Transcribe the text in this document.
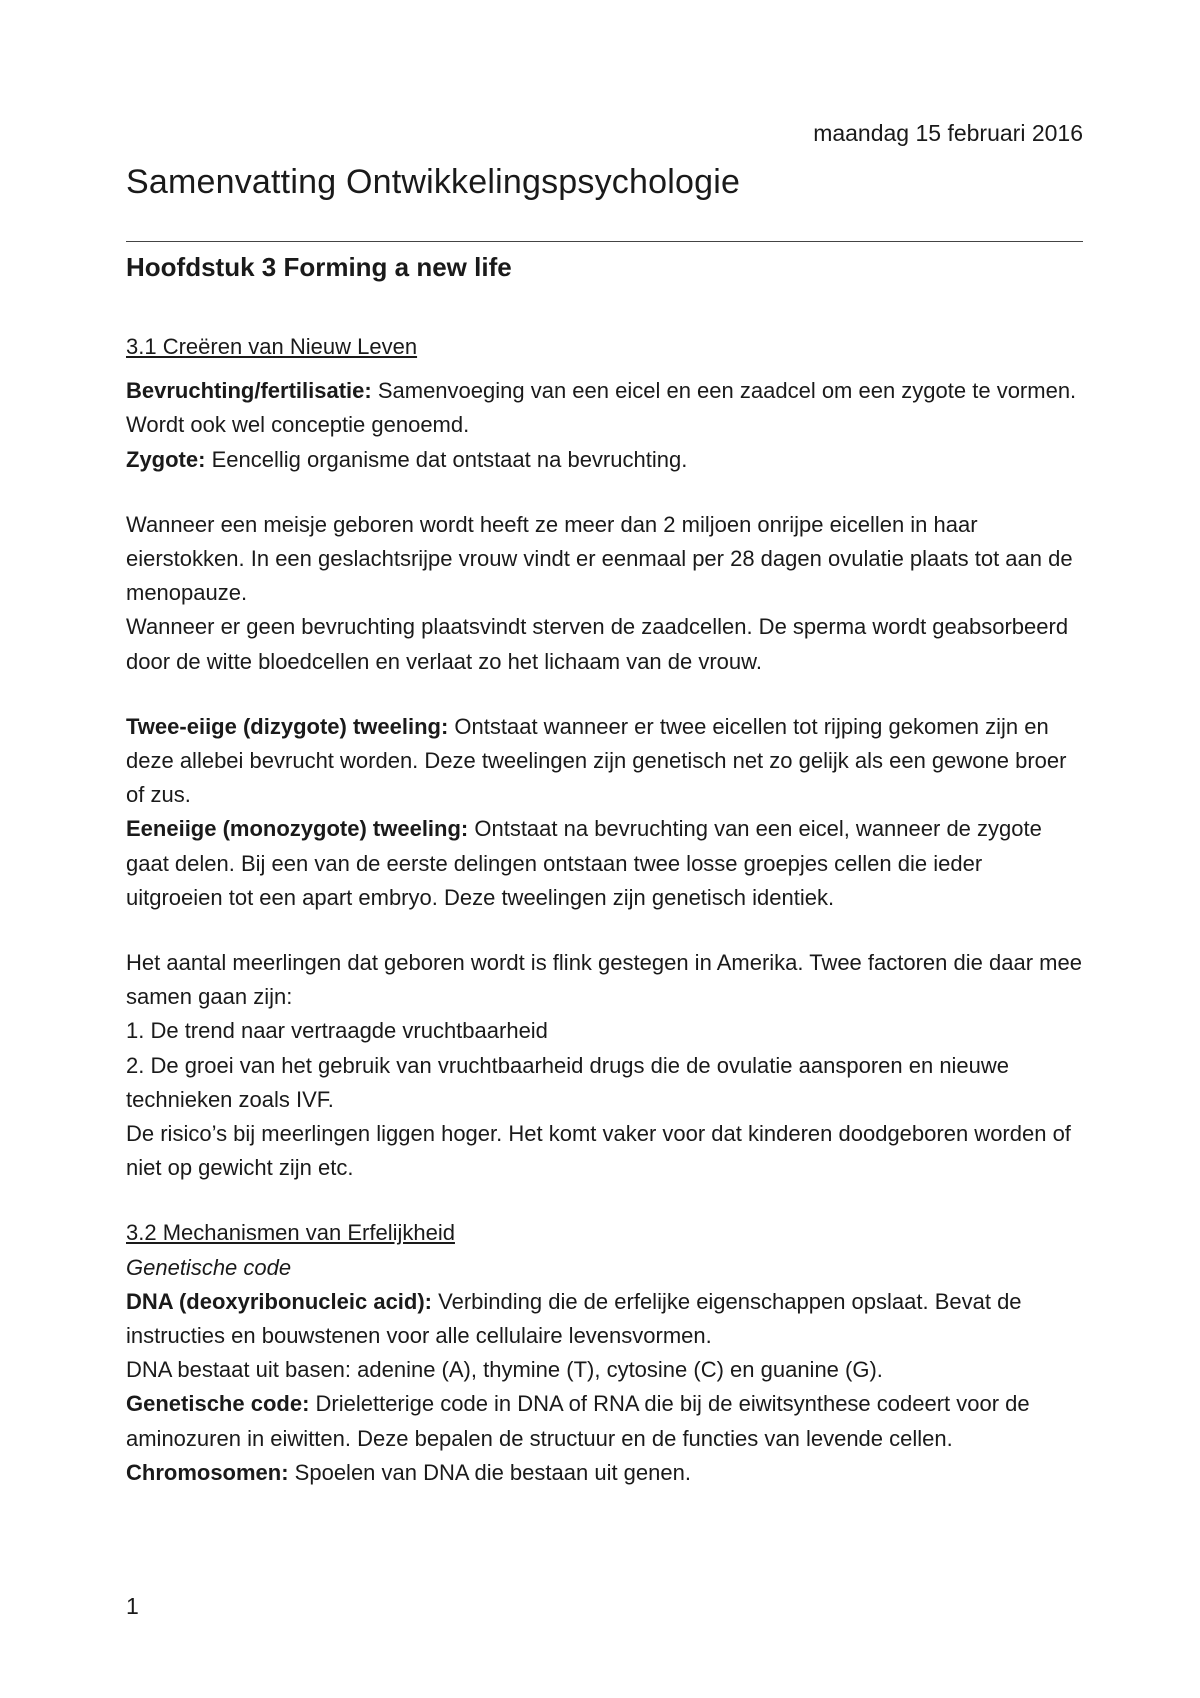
maandag 15 februari 2016
Samenvatting Ontwikkelingspsychologie
Hoofdstuk 3 Forming a new life

3.1 Creëren van Nieuw Leven

Bevruchting/fertilisatie: Samenvoeging van een eicel en een zaadcel om een zygote te vormen. Wordt ook wel conceptie genoemd.

Zygote: Eencellig organisme dat ontstaat na bevruchting.

Wanneer een meisje geboren wordt heeft ze meer dan 2 miljoen onrijpe eicellen in haar eierstokken. In een geslachtsrijpe vrouw vindt er eenmaal per 28 dagen ovulatie plaats tot aan de menopauze.

Wanneer er geen bevruchting plaatsvindt sterven de zaadcellen. De sperma wordt geabsorbeerd door de witte bloedcellen en verlaat zo het lichaam van de vrouw.

Twee-eiige (dizygote) tweeling: Ontstaat wanneer er twee eicellen tot rijping gekomen zijn en deze allebei bevrucht worden. Deze tweelingen zijn genetisch net zo gelijk als een gewone broer of zus.

Eeneiige (monozygote) tweeling: Ontstaat na bevruchting van een eicel, wanneer de zygote gaat delen. Bij een van de eerste delingen ontstaan twee losse groepjes cellen die ieder uitgroeien tot een apart embryo. Deze tweelingen zijn genetisch identiek.

Het aantal meerlingen dat geboren wordt is flink gestegen in Amerika. Twee factoren die daar mee samen gaan zijn:

1. De trend naar vertraagde vruchtbaarheid

2. De groei van het gebruik van vruchtbaarheid drugs die de ovulatie aansporen en nieuwe technieken zoals IVF.

De risico’s bij meerlingen liggen hoger. Het komt vaker voor dat kinderen doodgeboren worden of niet op gewicht zijn etc.

3.2 Mechanismen van Erfelijkheid

Genetische code

DNA (deoxyribonucleic acid): Verbinding die de erfelijke eigenschappen opslaat. Bevat de instructies en bouwstenen voor alle cellulaire levensvormen.

DNA bestaat uit basen: adenine (A), thymine (T), cytosine (C) en guanine (G).

Genetische code: Drieletterige code in DNA of RNA die bij de eiwitsynthese codeert voor de aminozuren in eiwitten. Deze bepalen de structuur en de functies van levende cellen.

Chromosomen: Spoelen van DNA die bestaan uit genen.

1
